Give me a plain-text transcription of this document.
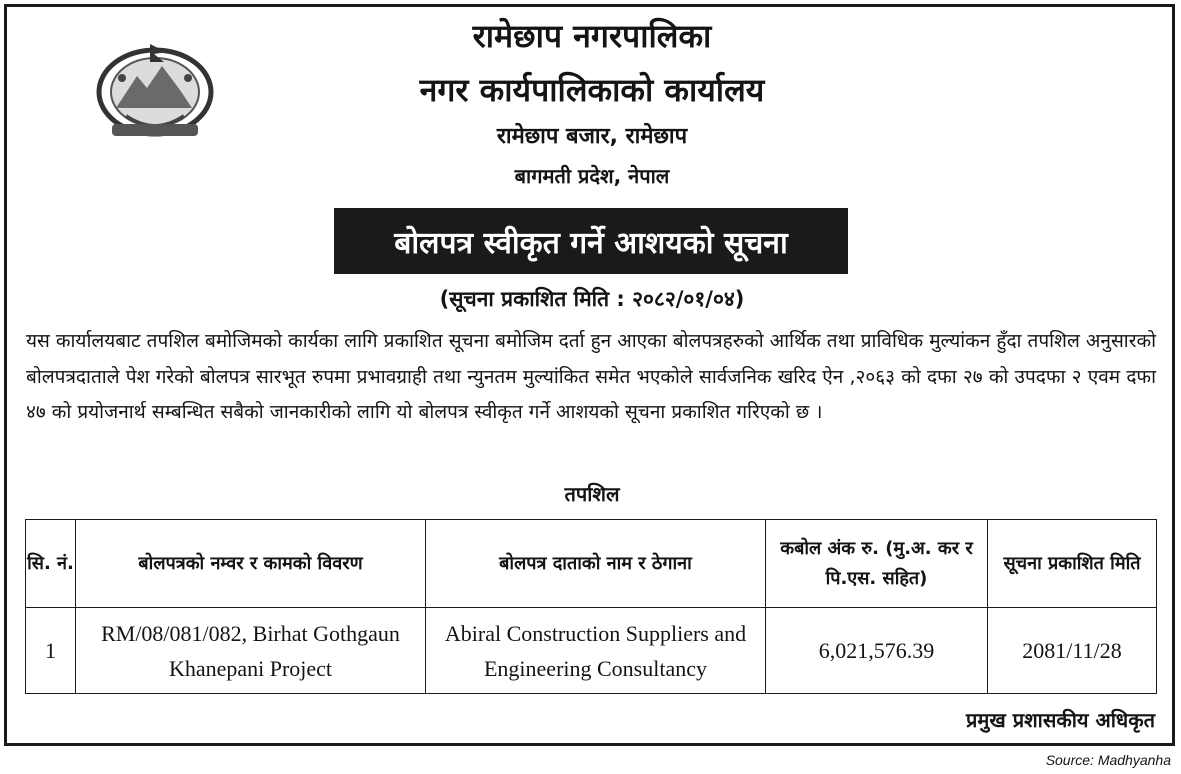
रामेछाप नगरपालिका
नगर कार्यपालिकाको कार्यालय
रामेछाप बजार, रामेछाप
बागमती प्रदेश, नेपाल
बोलपत्र स्वीकृत गर्ने आशयको सूचना
(सूचना प्रकाशित मिति : २०८२/०१/०४)
यस कार्यालयबाट तपशिल बमोजिमको कार्यका लागि प्रकाशित सूचना बमोजिम दर्ता हुन आएका बोलपत्रहरुको आर्थिक तथा प्राविधिक मुल्यांकन हुँदा तपशिल अनुसारको बोलपत्रदाताले पेश गरेको बोलपत्र सारभूत रुपमा प्रभावग्राही तथा न्युनतम मुल्यांकित समेत भएकोले सार्वजनिक खरिद ऐन ,२०६३ को दफा २७ को उपदफा २ एवम दफा ४७ को प्रयोजनार्थ सम्बन्धित सबैको जानकारीको लागि यो बोलपत्र स्वीकृत गर्ने आशयको सूचना प्रकाशित गरिएको छ ।
तपशिल
सि. नं.	बोलपत्रको नम्वर र कामको विवरण	बोलपत्र दाताको नाम र ठेगाना	कबोल अंक रु. (मु.अ. कर र पि.एस. सहित)	सूचना प्रकाशित मिति
1	RM/08/081/082, Birhat Gothgaun Khanepani Project	Abiral Construction Suppliers and Engineering Consultancy	6,021,576.39	2081/11/28
प्रमुख प्रशासकीय अधिकृत
Source: Madhyanha
